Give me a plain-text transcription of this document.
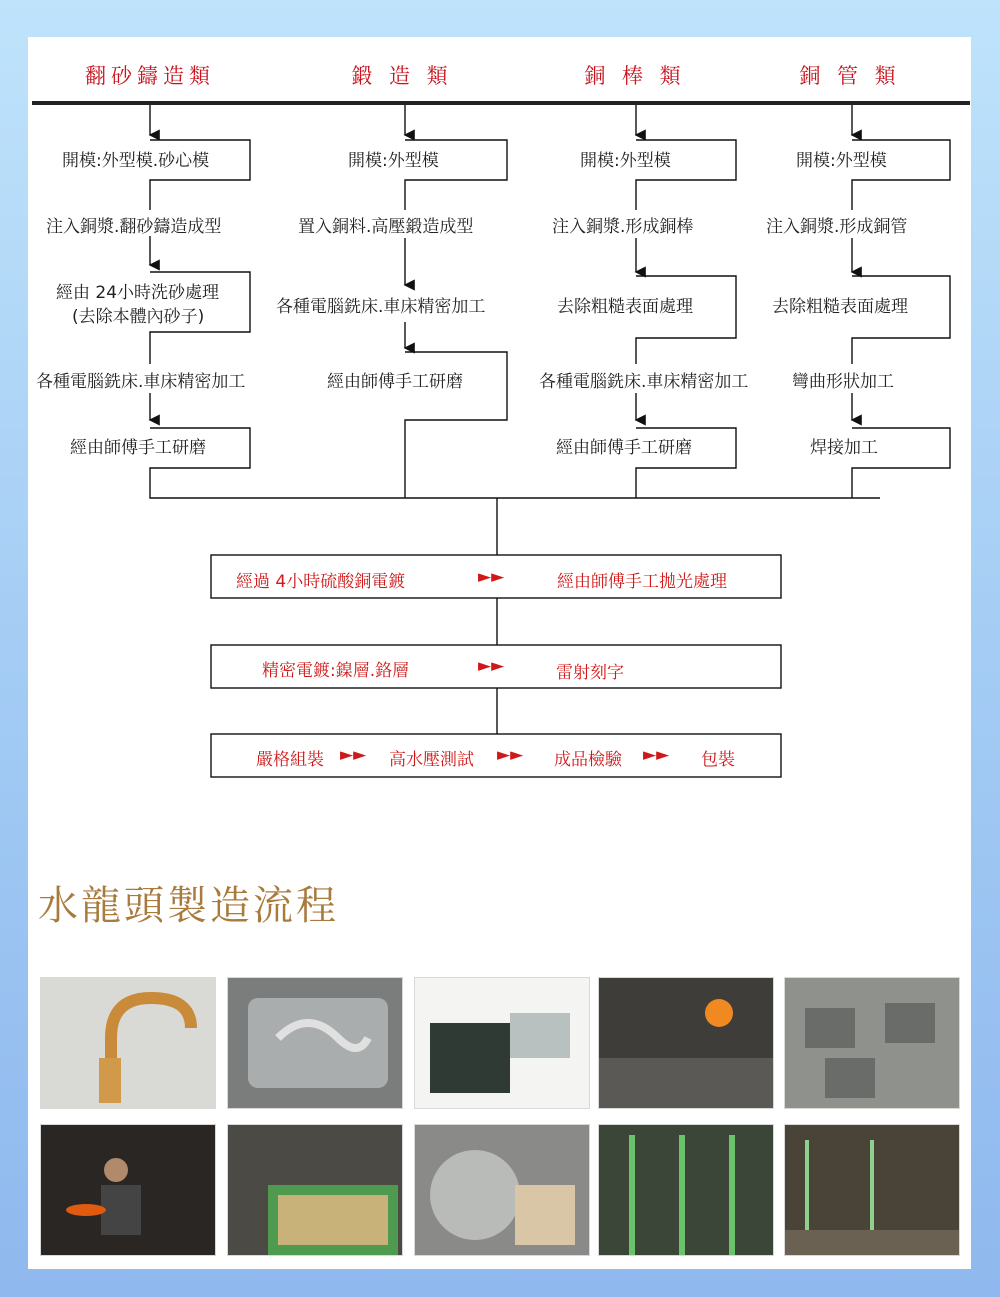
翻砂鑄造類	鍛 造 類	銅 棒 類	銅 管 類
開模:外型模.砂心模
注入銅漿.翻砂鑄造成型
經由 24小時洗砂處理
(去除本體內砂子)
各種電腦銑床.車床精密加工
經由師傅手工研磨
開模:外型模
置入銅料.高壓鍛造成型
各種電腦銑床.車床精密加工
經由師傅手工研磨
開模:外型模
注入銅漿.形成銅棒
去除粗糙表面處理
各種電腦銑床.車床精密加工
經由師傅手工研磨
開模:外型模
注入銅漿.形成銅管
去除粗糙表面處理
彎曲形狀加工
焊接加工
經過 4小時硫酸銅電鍍	►►	經由師傅手工拋光處理
精密電鍍:鎳層.鉻層	►►	雷射刻字
嚴格組裝 ►► 高水壓測試 ►► 成品檢驗 ►► 包裝
水龍頭製造流程
